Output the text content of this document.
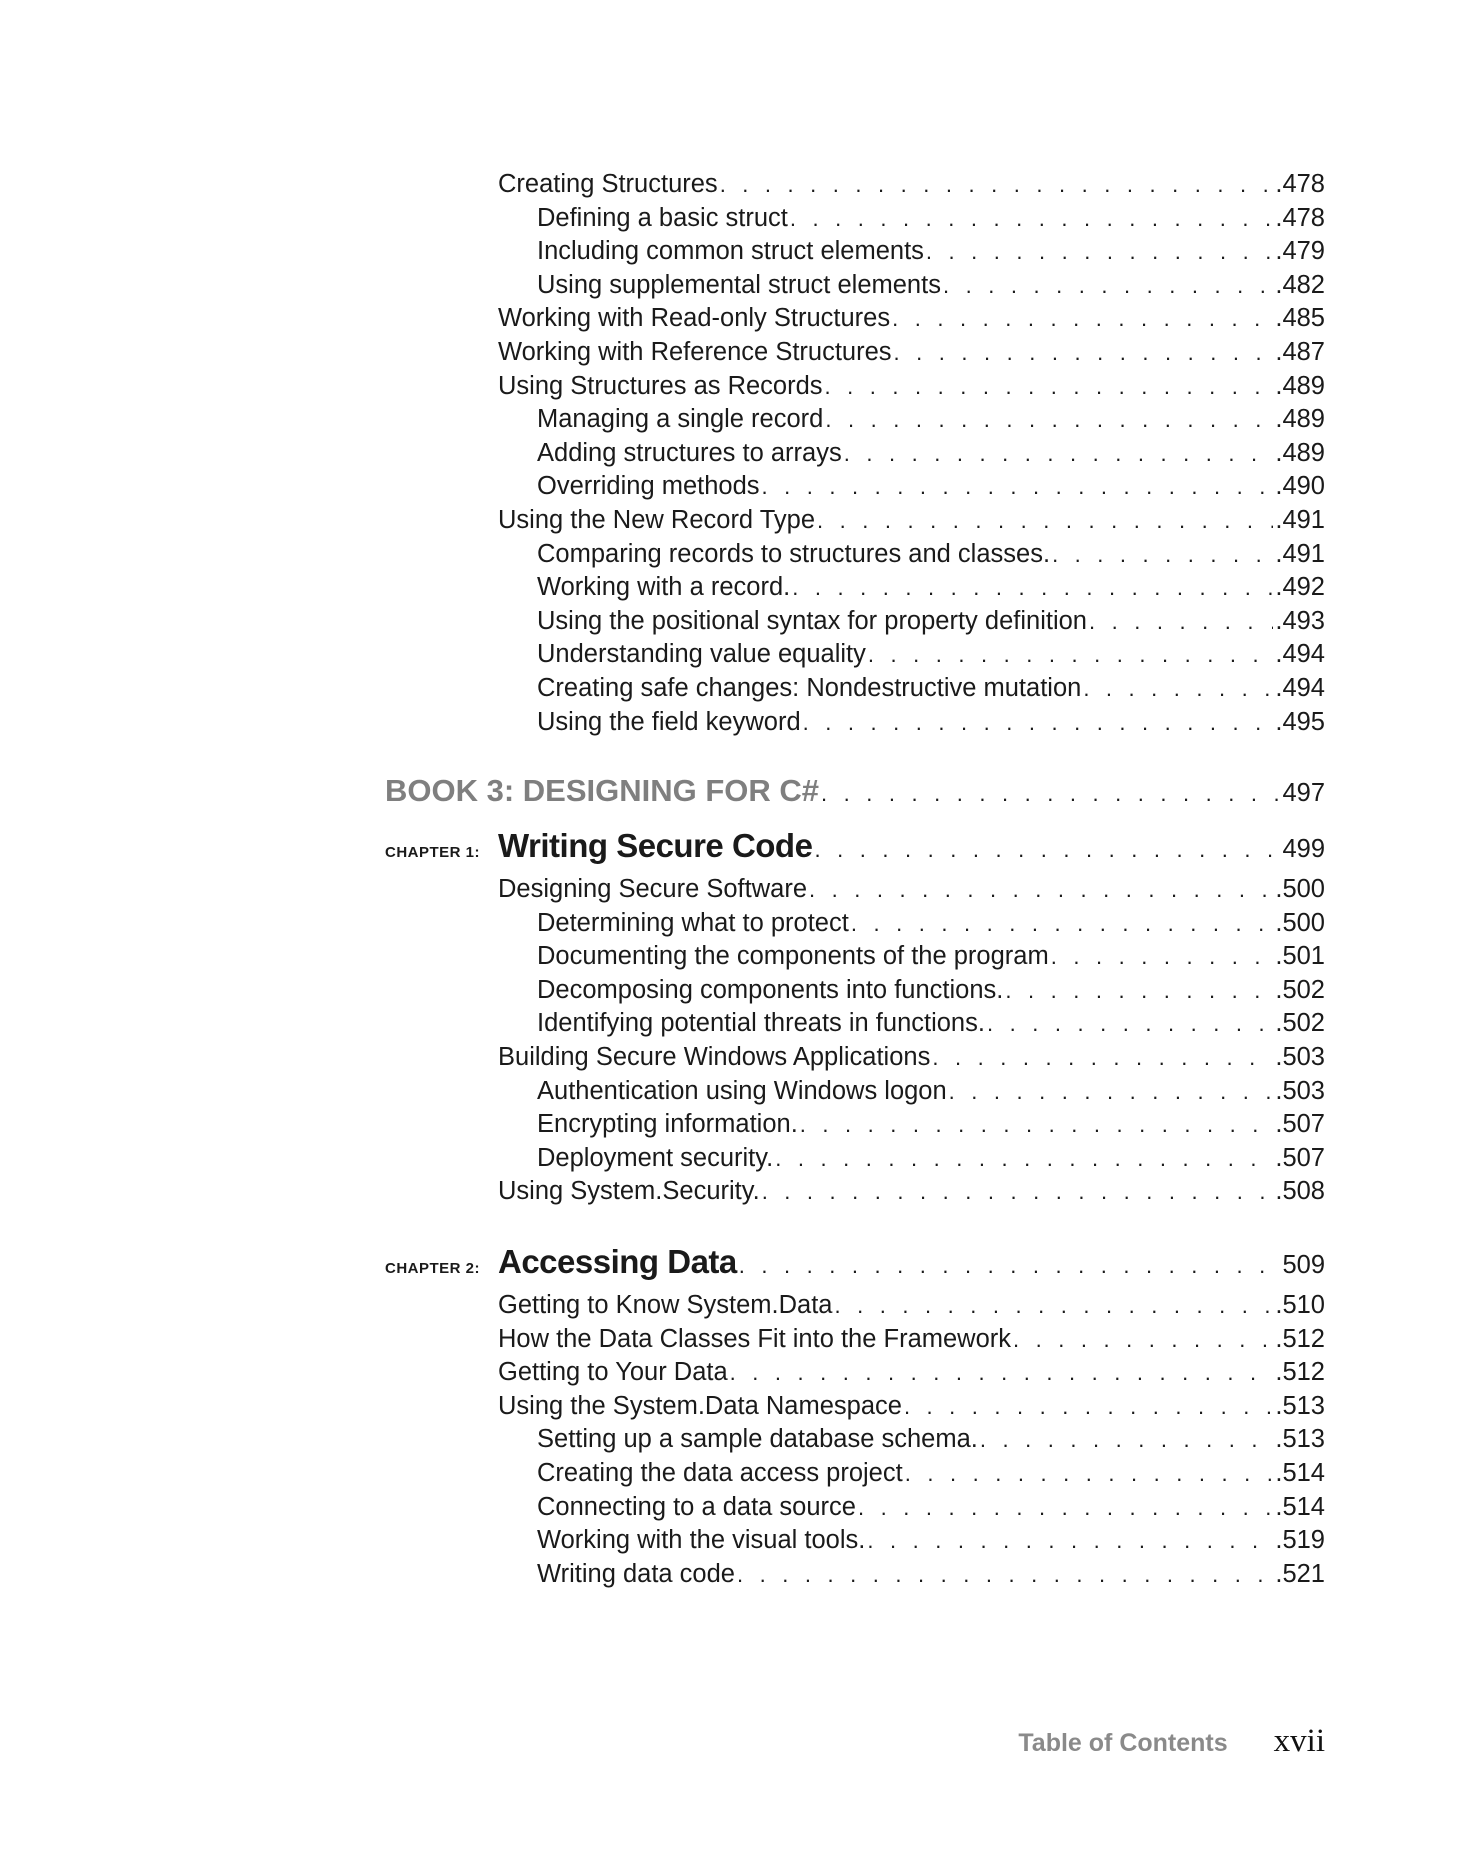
Creating Structures . . .	.478
Defining a basic struct . . .	.478
Including common struct elements . . .	.479
Using supplemental struct elements . . .	.482
Working with Read-only Structures . . .	.485
Working with Reference Structures . . .	.487
Using Structures as Records . . .	.489
Managing a single record . . .	.489
Adding structures to arrays . . .	.489
Overriding methods . . .	.490
Using the New Record Type . . .	.491
Comparing records to structures and classes. . . .	.491
Working with a record. . . .	.492
Using the positional syntax for property definition . . .	.493
Understanding value equality . . .	.494
Creating safe changes: Nondestructive mutation . . .	.494
Using the field keyword . . .	.495
BOOK 3: DESIGNING FOR C# . . .	497
CHAPTER 1: Writing Secure Code . . .	499
Designing Secure Software . . .	.500
Determining what to protect . . .	.500
Documenting the components of the program . . .	.501
Decomposing components into functions. . . .	.502
Identifying potential threats in functions. . . .	.502
Building Secure Windows Applications . . .	.503
Authentication using Windows logon . . .	.503
Encrypting information. . . .	.507
Deployment security. . . .	.507
Using System.Security. . . .	.508
CHAPTER 2: Accessing Data . . .	509
Getting to Know System.Data . . .	.510
How the Data Classes Fit into the Framework . . .	.512
Getting to Your Data . . .	.512
Using the System.Data Namespace . . .	.513
Setting up a sample database schema. . . .	.513
Creating the data access project . . .	.514
Connecting to a data source . . .	.514
Working with the visual tools. . . .	.519
Writing data code . . .	.521
Table of Contents xvii
